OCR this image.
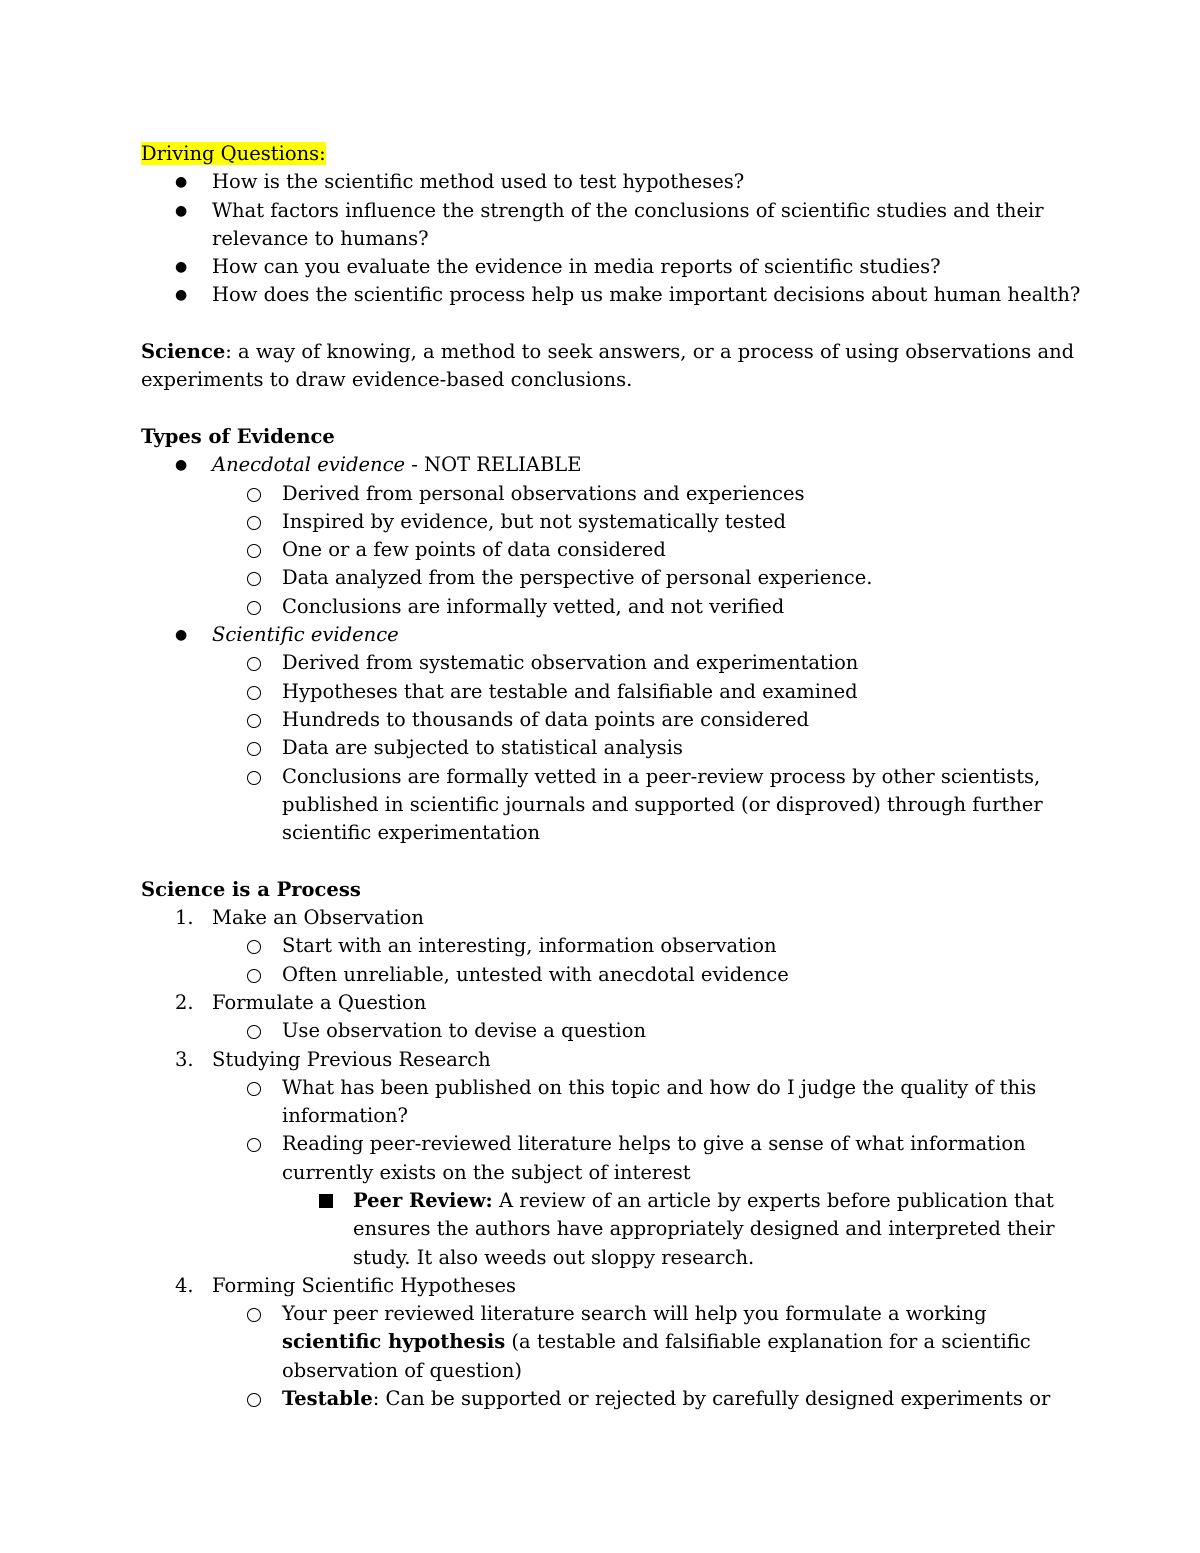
Driving Questions:
● How is the scientific method used to test hypotheses?
● What factors influence the strength of the conclusions of scientific studies and their
relevance to humans?
● How can you evaluate the evidence in media reports of scientific studies?
● How does the scientific process help us make important decisions about human health?
Science: a way of knowing, a method to seek answers, or a process of using observations and
experiments to draw evidence-based conclusions.
Types of Evidence
● Anecdotal evidence - NOT RELIABLE
Derived from personal observations and experiences
Inspired by evidence, but not systematically tested
One or a few points of data considered
Data analyzed from the perspective of personal experience.
Conclusions are informally vetted, and not verified
● Scientific evidence
Derived from systematic observation and experimentation
Hypotheses that are testable and falsifiable and examined
Hundreds to thousands of data points are considered
Data are subjected to statistical analysis
Conclusions are formally vetted in a peer-review process by other scientists,
published in scientific journals and supported (or disproved) through further
scientific experimentation
Science is a Process
1. Make an Observation
Start with an interesting, information observation
Often unreliable, untested with anecdotal evidence
2. Formulate a Question
Use observation to devise a question
3. Studying Previous Research
What has been published on this topic and how do I judge the quality of this
information?
Reading peer-reviewed literature helps to give a sense of what information
currently exists on the subject of interest
Peer Review: A review of an article by experts before publication that
ensures the authors have appropriately designed and interpreted their
study. It also weeds out sloppy research.
4. Forming Scientific Hypotheses
Your peer reviewed literature search will help you formulate a working
scientific hypothesis (a testable and falsifiable explanation for a scientific
observation of question)
Testable: Can be supported or rejected by carefully designed experiments or
